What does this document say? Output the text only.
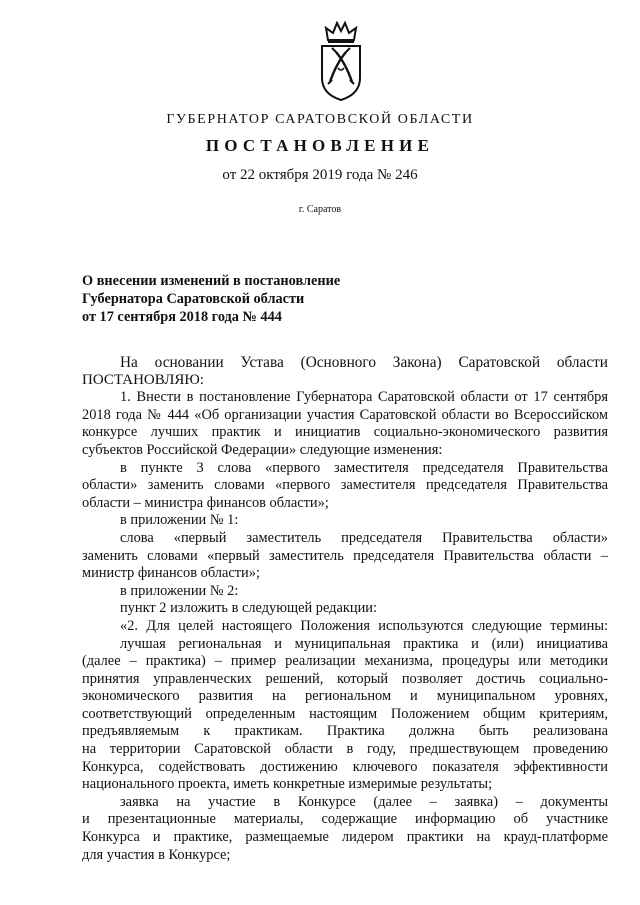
ГУБЕРНАТОР САРАТОВСКОЙ ОБЛАСТИ
ПОСТАНОВЛЕНИЕ
от 22 октября 2019 года № 246
г. Саратов
О внесении изменений в постановление
Губернатора Саратовской области
от 17 сентября 2018 года № 444
На основании Устава (Основного Закона) Саратовской области
ПОСТАНОВЛЯЮ:
1. Внести в постановление Губернатора Саратовской области от 17 сентября
2018 года № 444 «Об организации участия Саратовской области во Всероссийском
конкурсе лучших практик и инициатив социально-экономического развития
субъектов Российской Федерации» следующие изменения:
в пункте 3 слова «первого заместителя председателя Правительства
области» заменить словами «первого заместителя председателя Правительства
области – министра финансов области»;
в приложении № 1:
слова «первый заместитель председателя Правительства области»
заменить словами «первый заместитель председателя Правительства области –
министр финансов области»;
в приложении № 2:
пункт 2 изложить в следующей редакции:
«2. Для целей настоящего Положения используются следующие термины:
лучшая региональная и муниципальная практика и (или) инициатива
(далее – практика) – пример реализации механизма, процедуры или методики
принятия управленческих решений, который позволяет достичь социально-
экономического развития на региональном и муниципальном уровнях,
соответствующий определенным настоящим Положением общим критериям,
предъявляемым к практикам. Практика должна быть реализована
на территории Саратовской области в году, предшествующем проведению
Конкурса, содействовать достижению ключевого показателя эффективности
национального проекта, иметь конкретные измеримые результаты;
заявка на участие в Конкурсе (далее – заявка) – документы
и презентационные материалы, содержащие информацию об участнике
Конкурса и практике, размещаемые лидером практики на крауд-платформе
для участия в Конкурсе;
